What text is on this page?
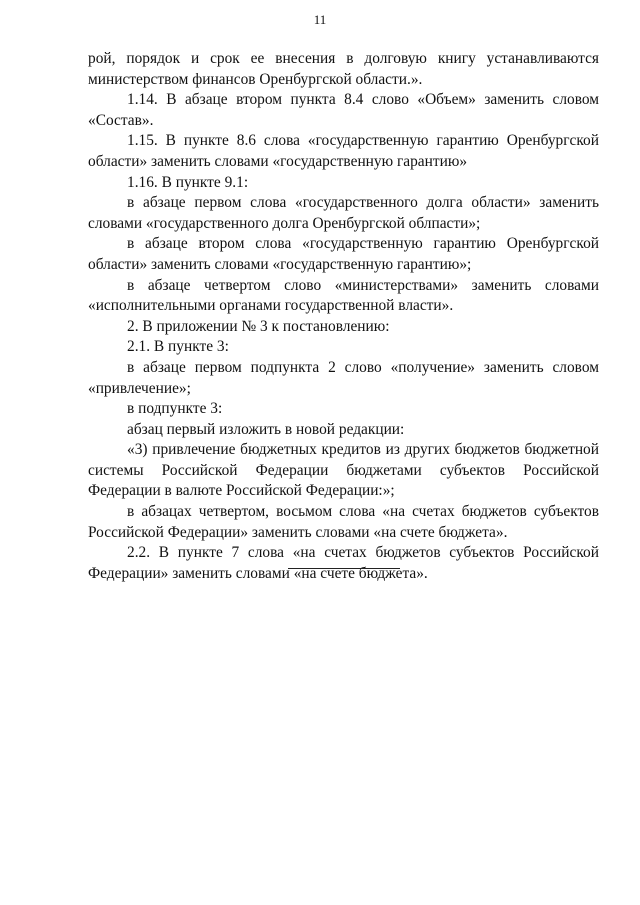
11

рой, порядок и срок ее внесения в долговую книгу устанавливаются министерством финансов Оренбургской области.».

1.14. В абзаце втором пункта 8.4 слово «Объем» заменить словом «Состав».

1.15. В пункте 8.6 слова «государственную гарантию Оренбургской области» заменить словами «государственную гарантию»

1.16. В пункте 9.1:

в абзаце первом слова «государственного долга области» заменить словами «государственного долга Оренбургской облпасти»;

в абзаце втором слова «государственную гарантию Оренбургской области» заменить словами «государственную гарантию»;

в абзаце четвертом слово «министерствами» заменить словами «исполнительными органами государственной власти».

2. В приложении № 3 к постановлению:

2.1. В пункте 3:

в абзаце первом подпункта 2 слово «получение» заменить словом «привлечение»;

в подпункте 3:

абзац первый изложить в новой редакции:

«3) привлечение бюджетных кредитов из других бюджетов бюджетной системы Российской Федерации бюджетами субъектов Российской Федерации в валюте Российской Федерации:»;

в абзацах четвертом, восьмом слова «на счетах бюджетов субъектов Российской Федерации» заменить словами «на счете бюджета».

2.2. В пункте 7 слова «на счетах бюджетов субъектов Российской Федерации» заменить словами «на счете бюджета».
